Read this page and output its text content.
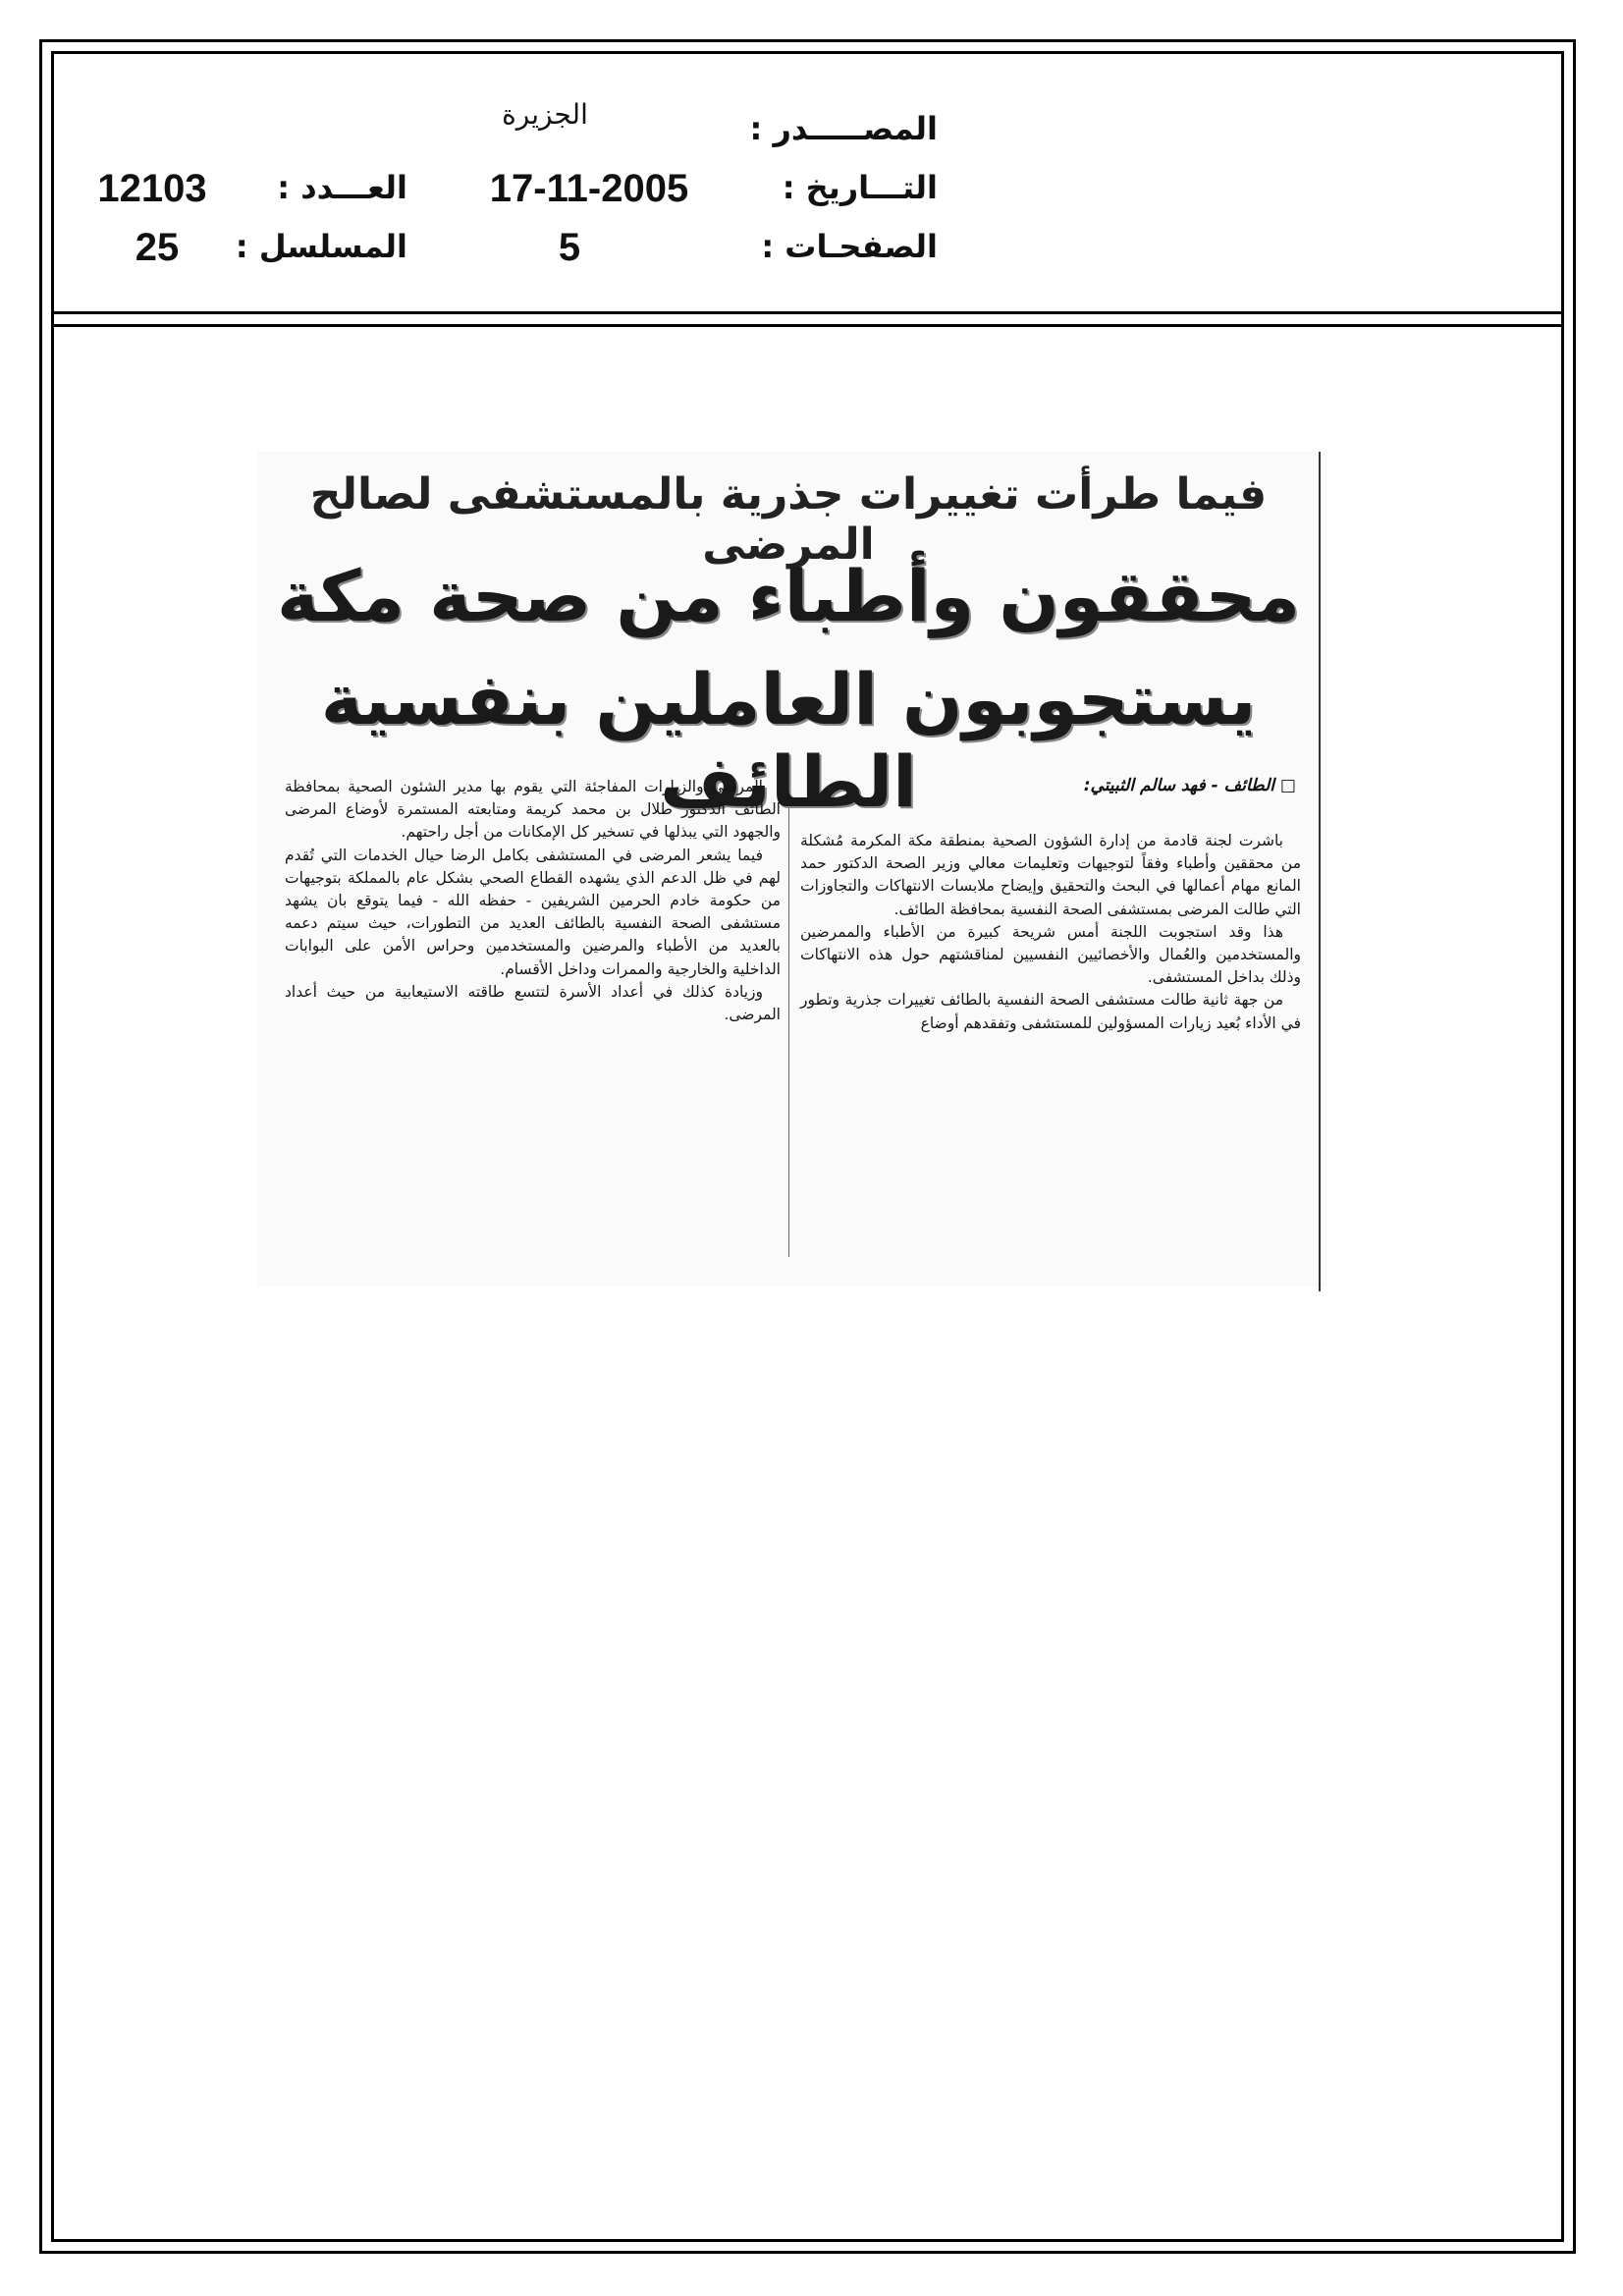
المصـــــدر :
الجزيرة
التـــاريخ :
17-11-2005
العـــدد :
12103
الصفحـات :
5
المسلسل :
25
فيما طرأت تغييرات جذرية بالمستشفى لصالح المرضى
محققون وأطباء من صحة مكة
يستجوبون العاملين بنفسية الطائف	□ الطائف - فهد سالم الثبيتي:

باشرت لجنة قادمة من إدارة الشؤون الصحية بمنطقة مكة المكرمة مُشكلة من محققين وأطباء وفقاً لتوجيهات وتعليمات معالي وزير الصحة الدكتور حمد المانع مهام أعمالها في البحث والتحقيق وإيضاح ملابسات الانتهاكات والتجاوزات التي طالت المرضى بمستشفى الصحة النفسية بمحافظة الطائف.

هذا وقد استجوبت اللجنة أمس شريحة كبيرة من الأطباء والممرضين والمستخدمين والعُمال والأخصائيين النفسيين لمناقشتهم حول هذه الانتهاكات وذلك بداخل المستشفى.

من جهة ثانية طالت مستشفى الصحة النفسية بالطائف تغييرات جذرية وتطور في الأداء بُعيد زيارات المسؤولين للمستشفى وتفقدهم أوضاع

المرضى والزيارات المفاجئة التي يقوم بها مدير الشئون الصحية بمحافظة الطائف الدكتور طلال بن محمد كريمة ومتابعته المستمرة لأوضاع المرضى والجهود التي يبذلها في تسخير كل الإمكانات من أجل راحتهم.

فيما يشعر المرضى في المستشفى بكامل الرضا حيال الخدمات التي تُقدم لهم في ظل الدعم الذي يشهده القطاع الصحي بشكل عام بالمملكة بتوجيهات من حكومة خادم الحرمين الشريفين - حفظه الله - فيما يتوقع بان يشهد مستشفى الصحة النفسية بالطائف العديد من التطورات، حيث سيتم دعمه بالعديد من الأطباء والمرضين والمستخدمين وحراس الأمن على البوابات الداخلية والخارجية والممرات وداخل الأقسام.

وزيادة كذلك في أعداد الأسرة لتتسع طاقته الاستيعابية من حيث أعداد المرضى.
